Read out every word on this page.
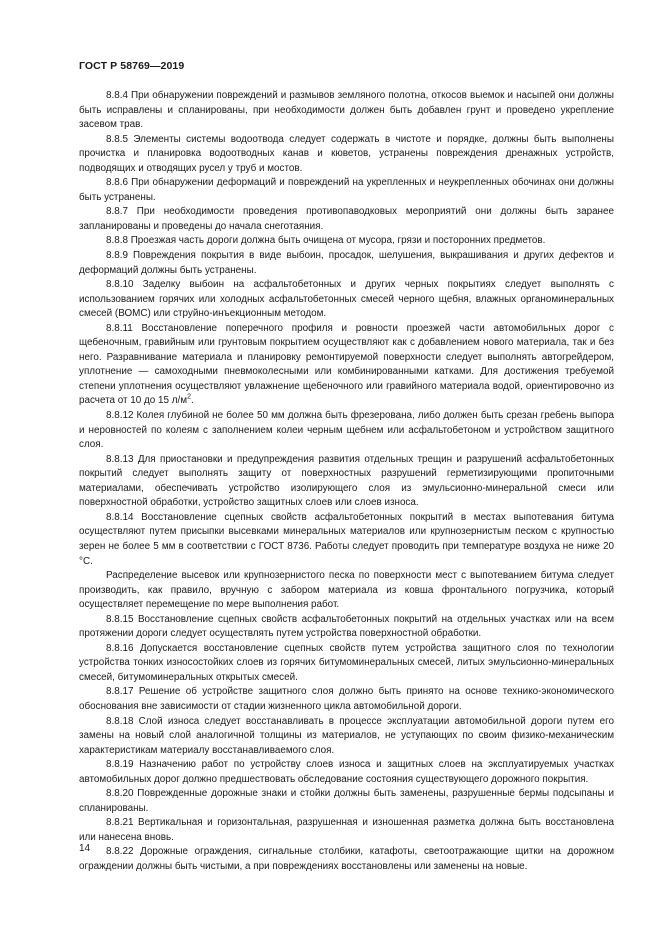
ГОСТ Р 58769—2019

8.8.4 При обнаружении повреждений и размывов земляного полотна, откосов выемок и насыпей они должны быть исправлены и спланированы, при необходимости должен быть добавлен грунт и проведено укрепление засевом трав.

8.8.5 Элементы системы водоотвода следует содержать в чистоте и порядке, должны быть выполнены прочистка и планировка водоотводных канав и кюветов, устранены повреждения дренажных устройств, подводящих и отводящих русел у труб и мостов.

8.8.6 При обнаружении деформаций и повреждений на укрепленных и неукрепленных обочинах они должны быть устранены.

8.8.7 При необходимости проведения противопаводковых мероприятий они должны быть заранее запланированы и проведены до начала снеготаяния.

8.8.8 Проезжая часть дороги должна быть очищена от мусора, грязи и посторонних предметов.

8.8.9 Повреждения покрытия в виде выбоин, просадок, шелушения, выкрашивания и других дефектов и деформаций должны быть устранены.

8.8.10 Заделку выбоин на асфальтобетонных и других черных покрытиях следует выполнять с использованием горячих или холодных асфальтобетонных смесей черного щебня, влажных органоминеральных смесей (ВОМС) или струйно-инъекционным методом.

8.8.11 Восстановление поперечного профиля и ровности проезжей части автомобильных дорог с щебеночным, гравийным или грунтовым покрытием осуществляют как с добавлением нового материала, так и без него. Разравнивание материала и планировку ремонтируемой поверхности следует выполнять автогрейдером, уплотнение — самоходными пневмоколесными или комбинированными катками. Для достижения требуемой степени уплотнения осуществляют увлажнение щебеночного или гравийного материала водой, ориентировочно из расчета от 10 до 15 $л/м^2$.

8.8.12 Колея глубиной не более 50 мм должна быть фрезерована, либо должен быть срезан гребень выпора и неровностей по колеям с заполнением колеи черным щебнем или асфальтобетоном и устройством защитного слоя.

8.8.13 Для приостановки и предупреждения развития отдельных трещин и разрушений асфальтобетонных покрытий следует выполнять защиту от поверхностных разрушений герметизирующими пропиточными материалами, обеспечивать устройство изолирующего слоя из эмульсионно-минеральной смеси или поверхностной обработки, устройство защитных слоев или слоев износа.

8.8.14 Восстановление сцепных свойств асфальтобетонных покрытий в местах выпотевания битума осуществляют путем присыпки высевками минеральных материалов или крупнозернистым песком с крупностью зерен не более 5 мм в соответствии с ГОСТ 8736. Работы следует проводить при температуре воздуха не ниже 20 °С.

Распределение высевок или крупнозернистого песка по поверхности мест с выпотеванием битума следует производить, как правило, вручную с забором материала из ковша фронтального погрузчика, который осуществляет перемещение по мере выполнения работ.

8.8.15 Восстановление сцепных свойств асфальтобетонных покрытий на отдельных участках или на всем протяжении дороги следует осуществлять путем устройства поверхностной обработки.

8.8.16 Допускается восстановление сцепных свойств путем устройства защитного слоя по технологии устройства тонких износостойких слоев из горячих битумоминеральных смесей, литых эмульсионно-минеральных смесей, битумоминеральных открытых смесей.

8.8.17 Решение об устройстве защитного слоя должно быть принято на основе технико-экономического обоснования вне зависимости от стадии жизненного цикла автомобильной дороги.

8.8.18 Слой износа следует восстанавливать в процессе эксплуатации автомобильной дороги путем его замены на новый слой аналогичной толщины из материалов, не уступающих по своим физико-механическим характеристикам материалу восстанавливаемого слоя.

8.8.19 Назначению работ по устройству слоев износа и защитных слоев на эксплуатируемых участках автомобильных дорог должно предшествовать обследование состояния существующего дорожного покрытия.

8.8.20 Поврежденные дорожные знаки и стойки должны быть заменены, разрушенные бермы подсыпаны и спланированы.

8.8.21 Вертикальная и горизонтальная, разрушенная и изношенная разметка должна быть восстановлена или нанесена вновь.

8.8.22 Дорожные ограждения, сигнальные столбики, катафоты, светоотражающие щитки на дорожном ограждении должны быть чистыми, а при повреждениях восстановлены или заменены на новые.

14
